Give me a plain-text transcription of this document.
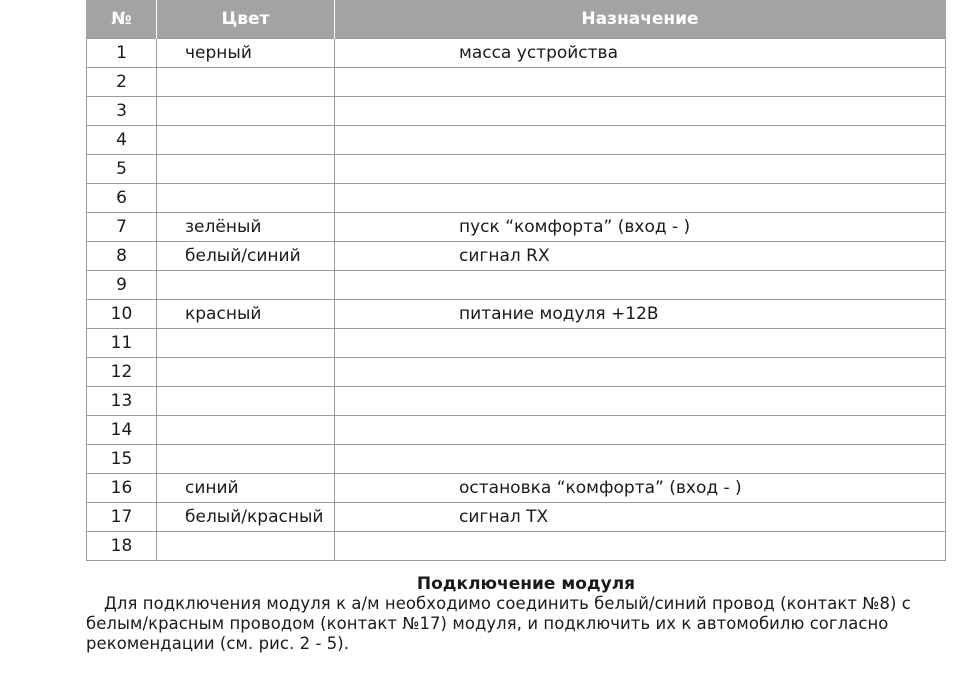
№	Цвет	Назначение
1	черный	масса устройства
2		
3		
4		
5		
6		
7	зелёный	пуск “комфорта” (вход - )
8	белый/синий	сигнал RX
9		
10	красный	питание модуля +12В
11		
12		
13		
14		
15		
16	синий	остановка “комфорта” (вход - )
17	белый/красный	сигнал TX
18		

Подключение модуля

Для подключения модуля к а/м необходимо соединить белый/синий провод (контакт №8) с белым/красным проводом (контакт №17) модуля, и подключить их к автомобилю согласно рекомендации (см. рис. 2 - 5).
